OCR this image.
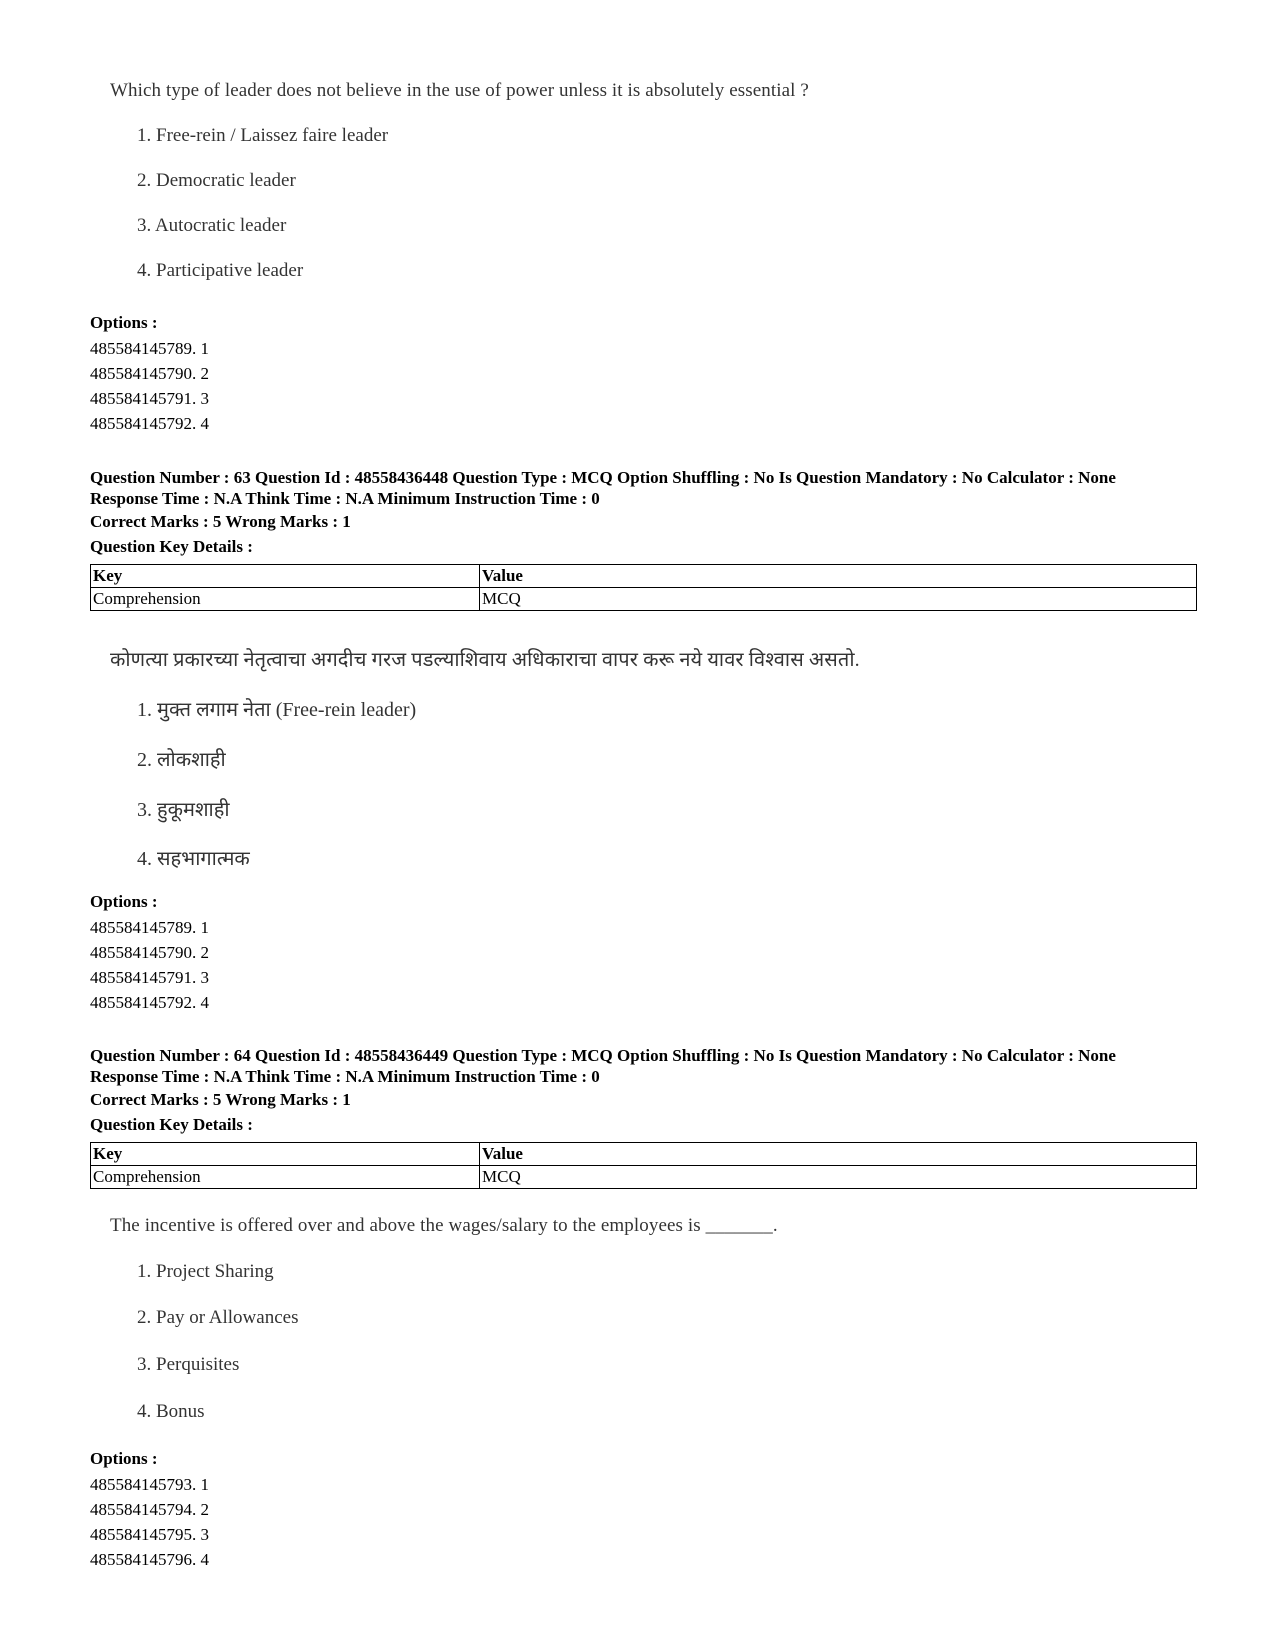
Which type of leader does not believe in the use of power unless it is absolutely essential ?
1. Free-rein / Laissez faire leader
2. Democratic leader
3. Autocratic leader
4. Participative leader
Options :
485584145789. 1
485584145790. 2
485584145791. 3
485584145792. 4
Question Number : 63 Question Id : 48558436448 Question Type : MCQ Option Shuffling : No Is Question Mandatory : No Calculator : None
Response Time : N.A Think Time : N.A Minimum Instruction Time : 0
Correct Marks : 5 Wrong Marks : 1
Question Key Details :
Key	Value
Comprehension	MCQ
कोणत्या प्रकारच्या नेतृत्वाचा अगदीच गरज पडल्याशिवाय अधिकाराचा वापर करू नये यावर विश्वास असतो.
1. मुक्त लगाम नेता (Free-rein leader)
2. लोकशाही
3. हुकूमशाही
4. सहभागात्मक
Options :
485584145789. 1
485584145790. 2
485584145791. 3
485584145792. 4
Question Number : 64 Question Id : 48558436449 Question Type : MCQ Option Shuffling : No Is Question Mandatory : No Calculator : None
Response Time : N.A Think Time : N.A Minimum Instruction Time : 0
Correct Marks : 5 Wrong Marks : 1
Question Key Details :
Key	Value
Comprehension	MCQ
The incentive is offered over and above the wages/salary to the employees is _______.
1. Project Sharing
2. Pay or Allowances
3. Perquisites
4. Bonus
Options :
485584145793. 1
485584145794. 2
485584145795. 3
485584145796. 4
